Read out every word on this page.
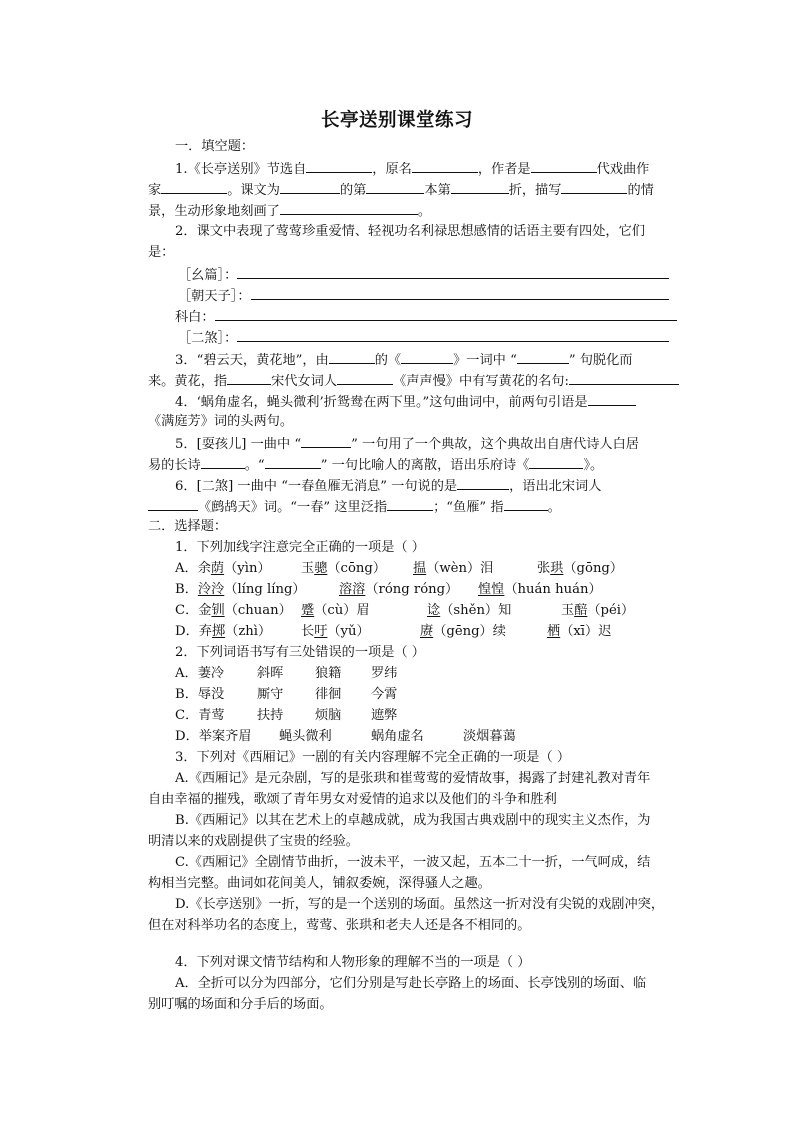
长亭送别课堂练习
一．填空题：
1.《长亭送别》节选自	，原名	，作者是	代戏曲作
家	。课文为	的第	本第	折，描写	的情
景，生动形象地刻画了	。
2．课文中表现了莺莺珍重爱情、轻视功名利禄思想感情的话语主要有四处，它们
是：
［幺篇］：
［朝天子］：
科白：
［二煞］：
3．“碧云天，黄花地”，由	的《	》一词中 “	” 句脱化而
来。黄花，指	宋代女词人	《声声慢》中有写黄花的名句:
4．‘蜗角虚名，蝇头微利’折鸳鸯在两下里。”这句曲词中，前两句引语是
《满庭芳》词的头两句。
5．[耍孩儿] 一曲中 “	” 一句用了一个典故，这个典故出自唐代诗人白居
易的长诗	。“	” 一句比喻人的离散，语出乐府诗《	》。
6．[二煞] 一曲中 “一春鱼雁无消息” 一句说的是	，语出北宋词人
《鹧鸪天》词。“一春” 这里泛指	；“鱼雁” 指	。
二．选择题：
1．下列加线字注意完全正确的一项是（ ）
A．余荫（yìn） 玉骢（cōng） 揾（wèn）泪	张珙（gōng）
B．泠泠（líng líng）	溶溶（róng róng） 惶惶（huán huán）
C．金钏（chuan） 蹙（cù）眉	谂（shěn）知	玉醅（péi）
D．弃掷（zhì） 长吁（yǔ）	赓（gēng）续	栖（xī）迟
2．下列词语书写有三处错误的一项是（ ）
A．萋冷 斜晖 狼籍 罗纬
B．辱没 厮守 徘徊 今霄
C．青莺 扶持 烦脑 遮弊
D．举案齐眉 蝇头微利	蜗角虚名	淡烟暮蔼
3．下列对《西厢记》一剧的有关内容理解不完全正确的一项是（ ）
A.《西厢记》是元杂剧，写的是张珙和崔莺莺的爱情故事，揭露了封建礼教对青年
自由幸福的摧残，歌颂了青年男女对爱情的追求以及他们的斗争和胜利
B.《西厢记》以其在艺术上的卓越成就，成为我国古典戏剧中的现实主义杰作，为
明清以来的戏剧提供了宝贵的经验。
C.《西厢记》全剧情节曲折，一波未平，一波又起，五本二十一折，一气呵成，结
构相当完整。曲词如花间美人，铺叙委婉，深得骚人之趣。
D.《长亭送别》一折，写的是一个送别的场面。虽然这一折对没有尖锐的戏剧冲突，
但在对科举功名的态度上，莺莺、张珙和老夫人还是各不相同的。
4．下列对课文情节结构和人物形象的理解不当的一项是（ ）
A．全折可以分为四部分，它们分别是写赴长亭路上的场面、长亭饯别的场面、临
别叮嘱的场面和分手后的场面。
